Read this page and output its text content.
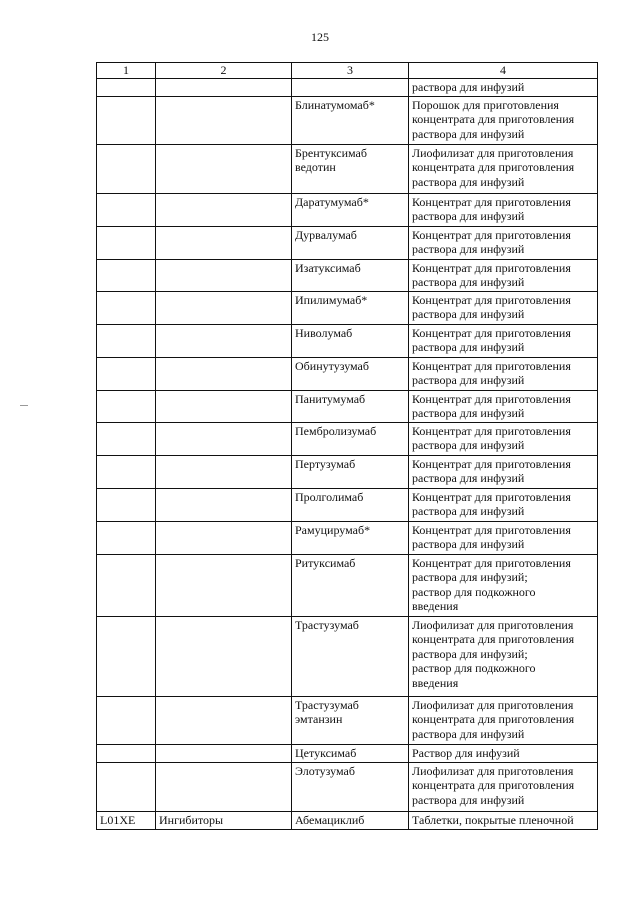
125
1	2	3	4

			раствора для инфузий

		Блинатумомаб*	Порошок для приготовления
концентрата для приготовления
раствора для инфузий

		Брентуксимаб
ведотин	Лиофилизат для приготовления
концентрата для приготовления
раствора для инфузий

		Даратумумаб*	Концентрат для приготовления
раствора для инфузий

		Дурвалумаб	Концентрат для приготовления
раствора для инфузий

		Изатуксимаб	Концентрат для приготовления
раствора для инфузий

		Ипилимумаб*	Концентрат для приготовления
раствора для инфузий

		Ниволумаб	Концентрат для приготовления
раствора для инфузий

		Обинутузумаб	Концентрат для приготовления
раствора для инфузий

		Панитумумаб	Концентрат для приготовления
раствора для инфузий

		Пембролизумаб	Концентрат для приготовления
раствора для инфузий

		Пертузумаб	Концентрат для приготовления
раствора для инфузий

		Пролголимаб	Концентрат для приготовления
раствора для инфузий

		Рамуцирумаб*	Концентрат для приготовления
раствора для инфузий

		Ритуксимаб	Концентрат для приготовления
раствора для инфузий;
раствор для подкожного
введения

		Трастузумаб	Лиофилизат для приготовления
концентрата для приготовления
раствора для инфузий;
раствор для подкожного
введения

		Трастузумаб
эмтанзин	Лиофилизат для приготовления
концентрата для приготовления
раствора для инфузий

		Цетуксимаб	Раствор для инфузий

		Элотузумаб	Лиофилизат для приготовления
концентрата для приготовления
раствора для инфузий

L01XE	Ингибиторы	Абемациклиб	Таблетки, покрытые пленочной
